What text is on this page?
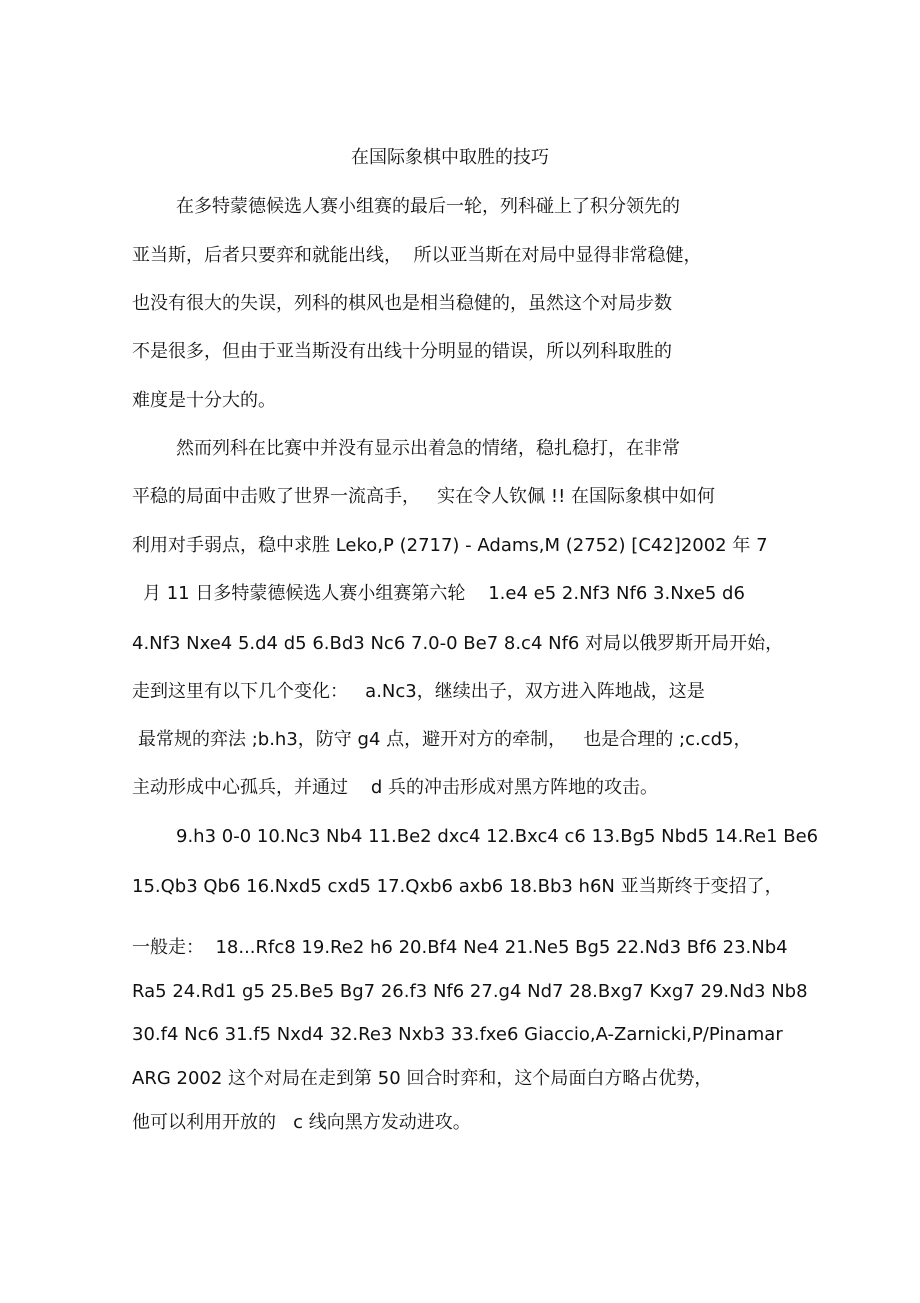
在国际象棋中取胜的技巧
在多特蒙德候选人赛小组赛的最后一轮，列科碰上了积分领先的
亚当斯，后者只要弈和就能出线，  所以亚当斯在对局中显得非常稳健，
也没有很大的失误，列科的棋风也是相当稳健的，虽然这个对局步数
不是很多，但由于亚当斯没有出线十分明显的错误，所以列科取胜的
难度是十分大的。
然而列科在比赛中并没有显示出着急的情绪，稳扎稳打，在非常
平稳的局面中击败了世界一流高手，   实在令人钦佩 !! 在国际象棋中如何
利用对手弱点，稳中求胜 Leko,P (2717) - Adams,M (2752) [C42]2002 年 7
月 11 日多特蒙德候选人赛小组赛第六轮    1.e4 e5 2.Nf3 Nf6 3.Nxe5 d6
4.Nf3 Nxe4 5.d4 d5 6.Bd3 Nc6 7.0-0 Be7 8.c4 Nf6 对局以俄罗斯开局开始，
走到这里有以下几个变化：   a.Nc3，继续出子，双方进入阵地战，这是
最常规的弈法 ;b.h3，防守 g4 点，避开对方的牵制，   也是合理的 ;c.cd5，
主动形成中心孤兵，并通过    d 兵的冲击形成对黑方阵地的攻击。
9.h3 0-0 10.Nc3 Nb4 11.Be2 dxc4 12.Bxc4 c6 13.Bg5 Nbd5 14.Re1 Be6
15.Qb3 Qb6 16.Nxd5 cxd5 17.Qxb6 axb6 18.Bb3 h6N 亚当斯终于变招了，
一般走：  18...Rfc8 19.Re2 h6 20.Bf4 Ne4 21.Ne5 Bg5 22.Nd3 Bf6 23.Nb4
Ra5 24.Rd1 g5 25.Be5 Bg7 26.f3 Nf6 27.g4 Nd7 28.Bxg7 Kxg7 29.Nd3 Nb8
30.f4 Nc6 31.f5 Nxd4 32.Re3 Nxb3 33.fxe6 Giaccio,A-Zarnicki,P/Pinamar
ARG 2002 这个对局在走到第 50 回合时弈和，这个局面白方略占优势，
他可以利用开放的   c 线向黑方发动进攻。
